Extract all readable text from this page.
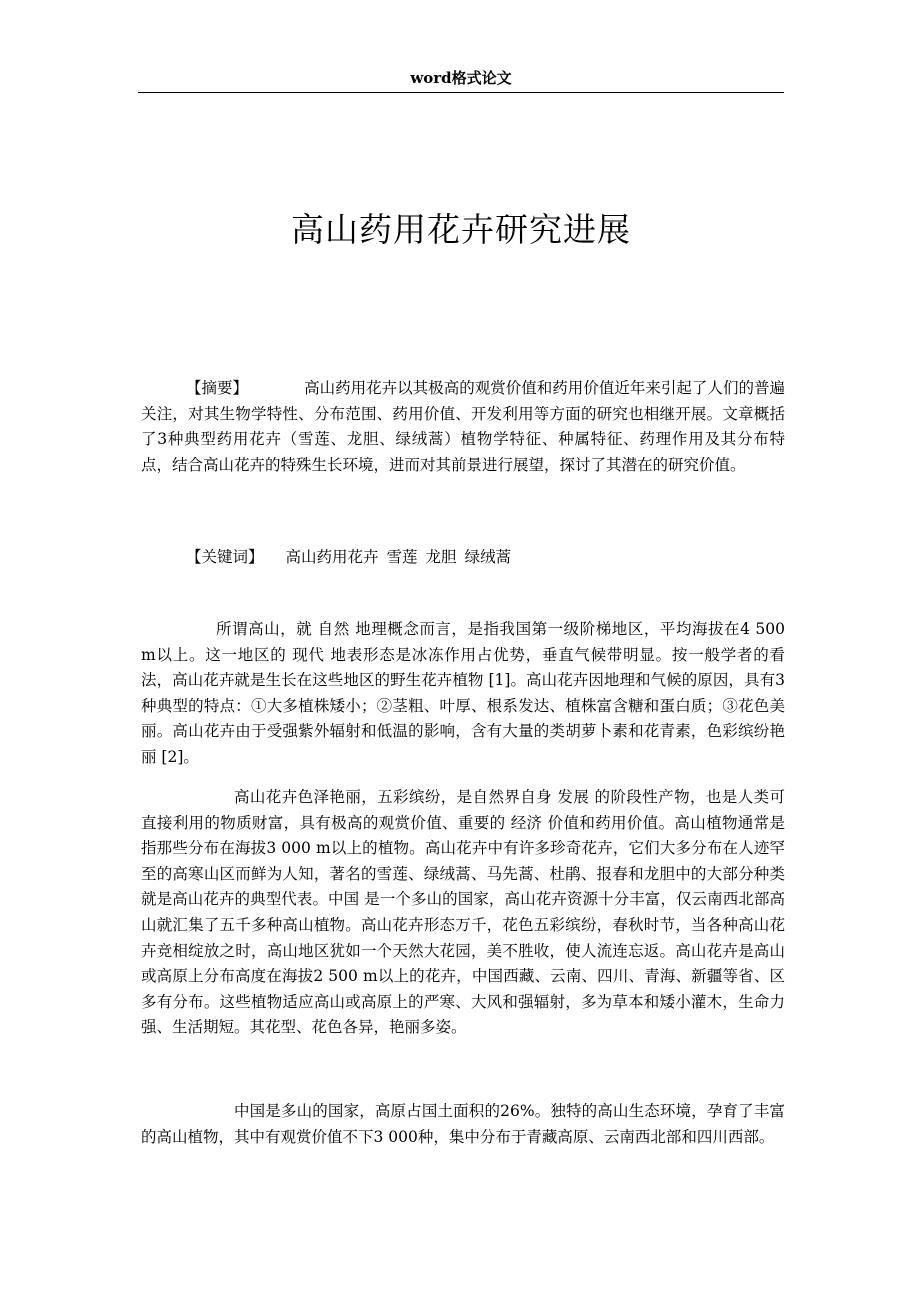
word格式论文
高山药用花卉研究进展

【摘要】	高山药用花卉以其极高的观赏价值和药用价值近年来引起了人们的普遍关注，对其生物学特性、分布范围、药用价值、开发利用等方面的研究也相继开展。文章概括了3种典型药用花卉（雪莲、龙胆、绿绒蒿）植物学特征、种属特征、药理作用及其分布特点，结合高山花卉的特殊生长环境，进而对其前景进行展望，探讨了其潜在的研究价值。

【关键词】 高山药用花卉 雪莲 龙胆 绿绒蒿

所谓高山，就 自然 地理概念而言，是指我国第一级阶梯地区，平均海拔在4 500 m以上。这一地区的 现代 地表形态是冰冻作用占优势，垂直气候带明显。按一般学者的看法，高山花卉就是生长在这些地区的野生花卉植物 [1]。高山花卉因地理和气候的原因，具有3种典型的特点：①大多植株矮小；②茎粗、叶厚、根系发达、植株富含糖和蛋白质；③花色美丽。高山花卉由于受强紫外辐射和低温的影响，含有大量的类胡萝卜素和花青素，色彩缤纷艳丽 [2]。

高山花卉色泽艳丽，五彩缤纷，是自然界自身 发展 的阶段性产物，也是人类可直接利用的物质财富，具有极高的观赏价值、重要的 经济 价值和药用价值。高山植物通常是指那些分布在海拔3 000 m以上的植物。高山花卉中有许多珍奇花卉，它们大多分布在人迹罕至的高寒山区而鲜为人知，著名的雪莲、绿绒蒿、马先蒿、杜鹃、报春和龙胆中的大部分种类就是高山花卉的典型代表。中国 是一个多山的国家，高山花卉资源十分丰富，仅云南西北部高山就汇集了五千多种高山植物。高山花卉形态万千，花色五彩缤纷，春秋时节，当各种高山花卉竞相绽放之时，高山地区犹如一个天然大花园，美不胜收，使人流连忘返。高山花卉是高山或高原上分布高度在海拔2 500 m以上的花卉，中国西藏、云南、四川、青海、新疆等省、区多有分布。这些植物适应高山或高原上的严寒、大风和强辐射，多为草本和矮小灌木，生命力强、生活期短。其花型、花色各异，艳丽多姿。

中国是多山的国家，高原占国土面积的26%。独特的高山生态环境，孕育了丰富的高山植物，其中有观赏价值不下3 000种，集中分布于青藏高原、云南西北部和四川西部。
